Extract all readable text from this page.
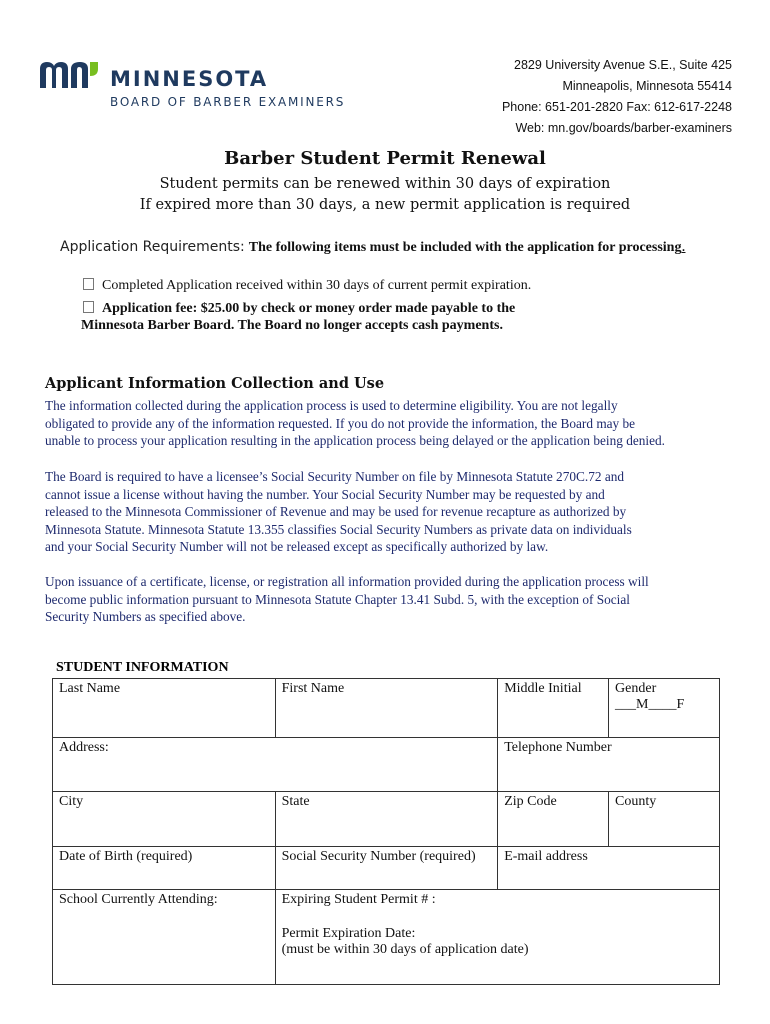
MINNESOTA
BOARD OF BARBER EXAMINERS
2829 University Avenue S.E., Suite 425
Minneapolis, Minnesota 55414
Phone: 651-201-2820 Fax: 612-617-2248
Web: mn.gov/boards/barber-examiners
Barber Student Permit Renewal
Student permits can be renewed within 30 days of expiration
If expired more than 30 days, a new permit application is required
Application Requirements: The following items must be included with the application for processing.
Completed Application received within 30 days of current permit expiration.
Application fee: $25.00 by check or money order made payable to the
Minnesota Barber Board. The Board no longer accepts cash payments.
Applicant Information Collection and Use

The information collected during the application process is used to determine eligibility. You are not legally

obligated to provide any of the information requested. If you do not provide the information, the Board may be

unable to process your application resulting in the application process being delayed or the application being denied.

The Board is required to have a licensee’s Social Security Number on file by Minnesota Statute 270C.72 and

cannot issue a license without having the number. Your Social Security Number may be requested by and

released to the Minnesota Commissioner of Revenue and may be used for revenue recapture as authorized by

Minnesota Statute. Minnesota Statute 13.355 classifies Social Security Numbers as private data on individuals

and your Social Security Number will not be released except as specifically authorized by law.

Upon issuance of a certificate, license, or registration all information provided during the application process will

become public information pursuant to Minnesota Statute Chapter 13.41 Subd. 5, with the exception of Social

Security Numbers as specified above.

STUDENT INFORMATION
Last Name	First Name	Middle Initial	Gender
___M____F

Address:		Telephone Number	
City	State	Zip Code	County
Date of Birth (required)	Social Security Number (required)	E-mail address	
School Currently Attending:	Expiring Student Permit # :
Permit Expiration Date:
(must be within 30 days of application date)		
